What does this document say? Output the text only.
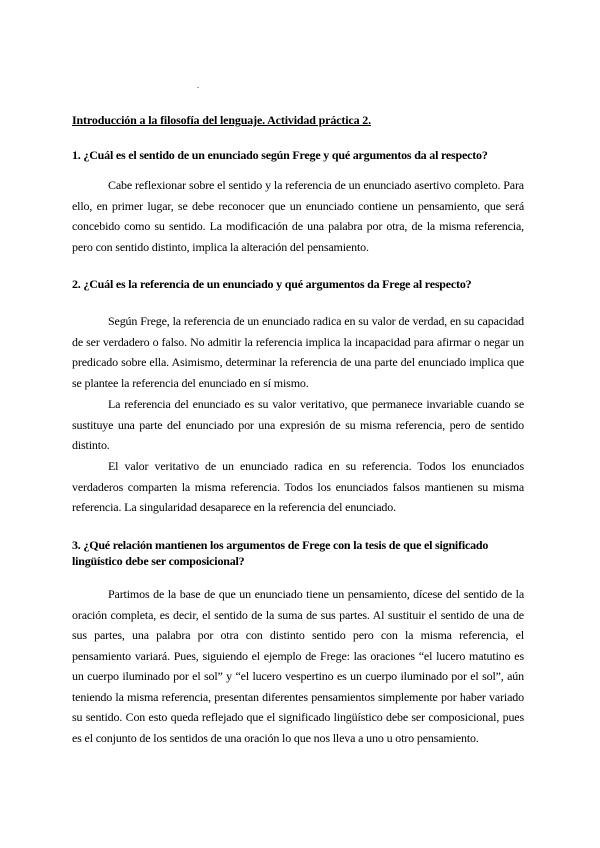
.
Introducción a la filosofía del lenguaje. Actividad práctica 2.
1. ¿Cuál es el sentido de un enunciado según Frege y qué argumentos da al respecto?

Cabe reflexionar sobre el sentido y la referencia de un enunciado asertivo completo. Para ello, en primer lugar, se debe reconocer que un enunciado contiene un pensamiento, que será concebido como su sentido. La modificación de una palabra por otra, de la misma referencia, pero con sentido distinto, implica la alteración del pensamiento.

2. ¿Cuál es la referencia de un enunciado y qué argumentos da Frege al respecto?

Según Frege, la referencia de un enunciado radica en su valor de verdad, en su capacidad de ser verdadero o falso. No admitir la referencia implica la incapacidad para afirmar o negar un predicado sobre ella. Asimismo, determinar la referencia de una parte del enunciado implica que se plantee la referencia del enunciado en sí mismo.

La referencia del enunciado es su valor veritativo, que permanece invariable cuando se sustituye una parte del enunciado por una expresión de su misma referencia, pero de sentido distinto.

El valor veritativo de un enunciado radica en su referencia. Todos los enunciados verdaderos comparten la misma referencia. Todos los enunciados falsos mantienen su misma referencia. La singularidad desaparece en la referencia del enunciado.

3. ¿Qué relación mantienen los argumentos de Frege con la tesis de que el significado lingüístico debe ser composicional?

Partimos de la base de que un enunciado tiene un pensamiento, dícese del sentido de la oración completa, es decir, el sentido de la suma de sus partes. Al sustituir el sentido de una de sus partes, una palabra por otra con distinto sentido pero con la misma referencia, el pensamiento variará. Pues, siguiendo el ejemplo de Frege: las oraciones “el lucero matutino es un cuerpo iluminado por el sol” y “el lucero vespertino es un cuerpo iluminado por el sol”, aún teniendo la misma referencia, presentan diferentes pensamientos simplemente por haber variado su sentido. Con esto queda reflejado que el significado lingüístico debe ser composicional, pues es el conjunto de los sentidos de una oración lo que nos lleva a uno u otro pensamiento.
